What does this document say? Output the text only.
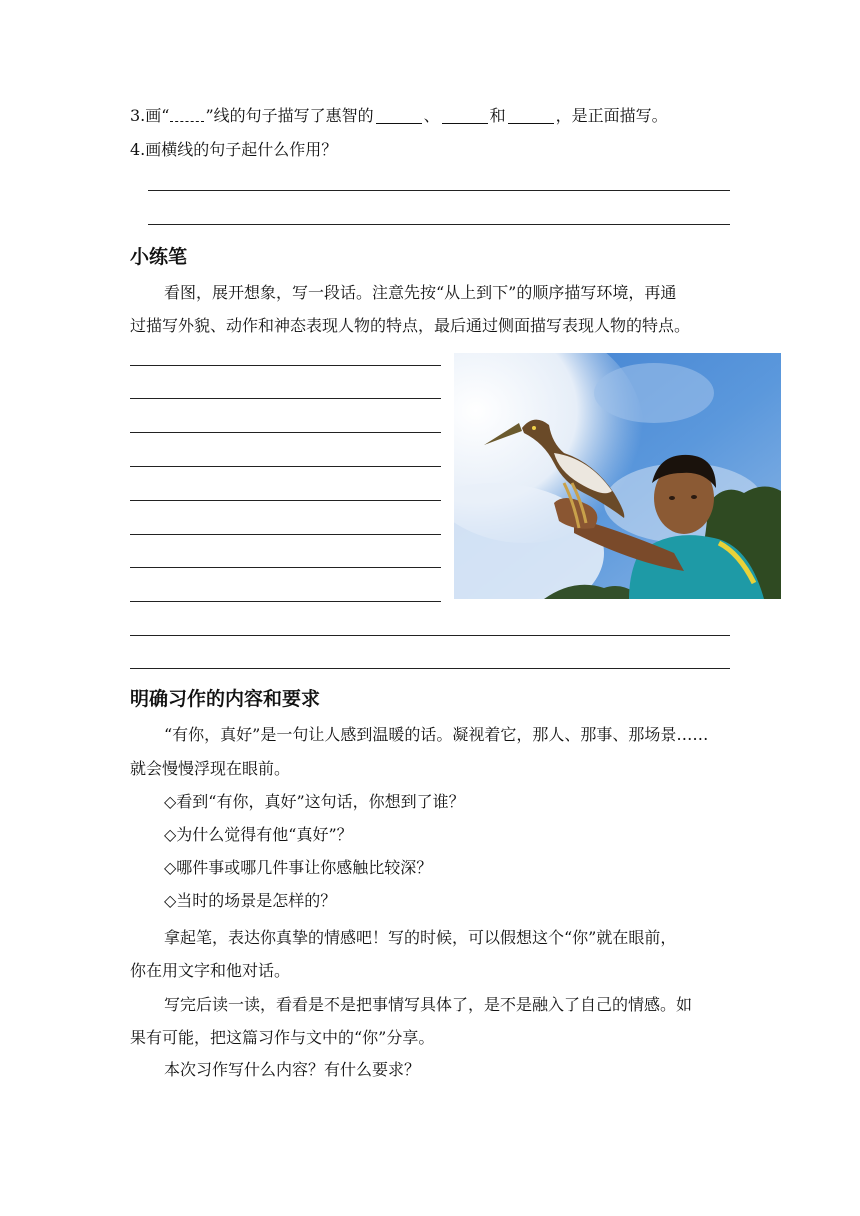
3.画“ ”线的句子描写了惠智的	、	和	，是正面描写。
4.画横线的句子起什么作用？
小练笔
看图，展开想象，写一段话。注意先按“从上到下”的顺序描写环境，再通
过描写外貌、动作和神态表现人物的特点，最后通过侧面描写表现人物的特点。
明确习作的内容和要求
“有你，真好”是一句让人感到温暖的话。凝视着它，那人、那事、那场景……
就会慢慢浮现在眼前。
◇看到“有你，真好”这句话，你想到了谁？
◇为什么觉得有他“真好”？
◇哪件事或哪几件事让你感触比较深？
◇当时的场景是怎样的？
拿起笔，表达你真挚的情感吧！写的时候，可以假想这个“你”就在眼前，
你在用文字和他对话。
写完后读一读，看看是不是把事情写具体了，是不是融入了自己的情感。如
果有可能，把这篇习作与文中的“你”分享。
本次习作写什么内容？有什么要求？
